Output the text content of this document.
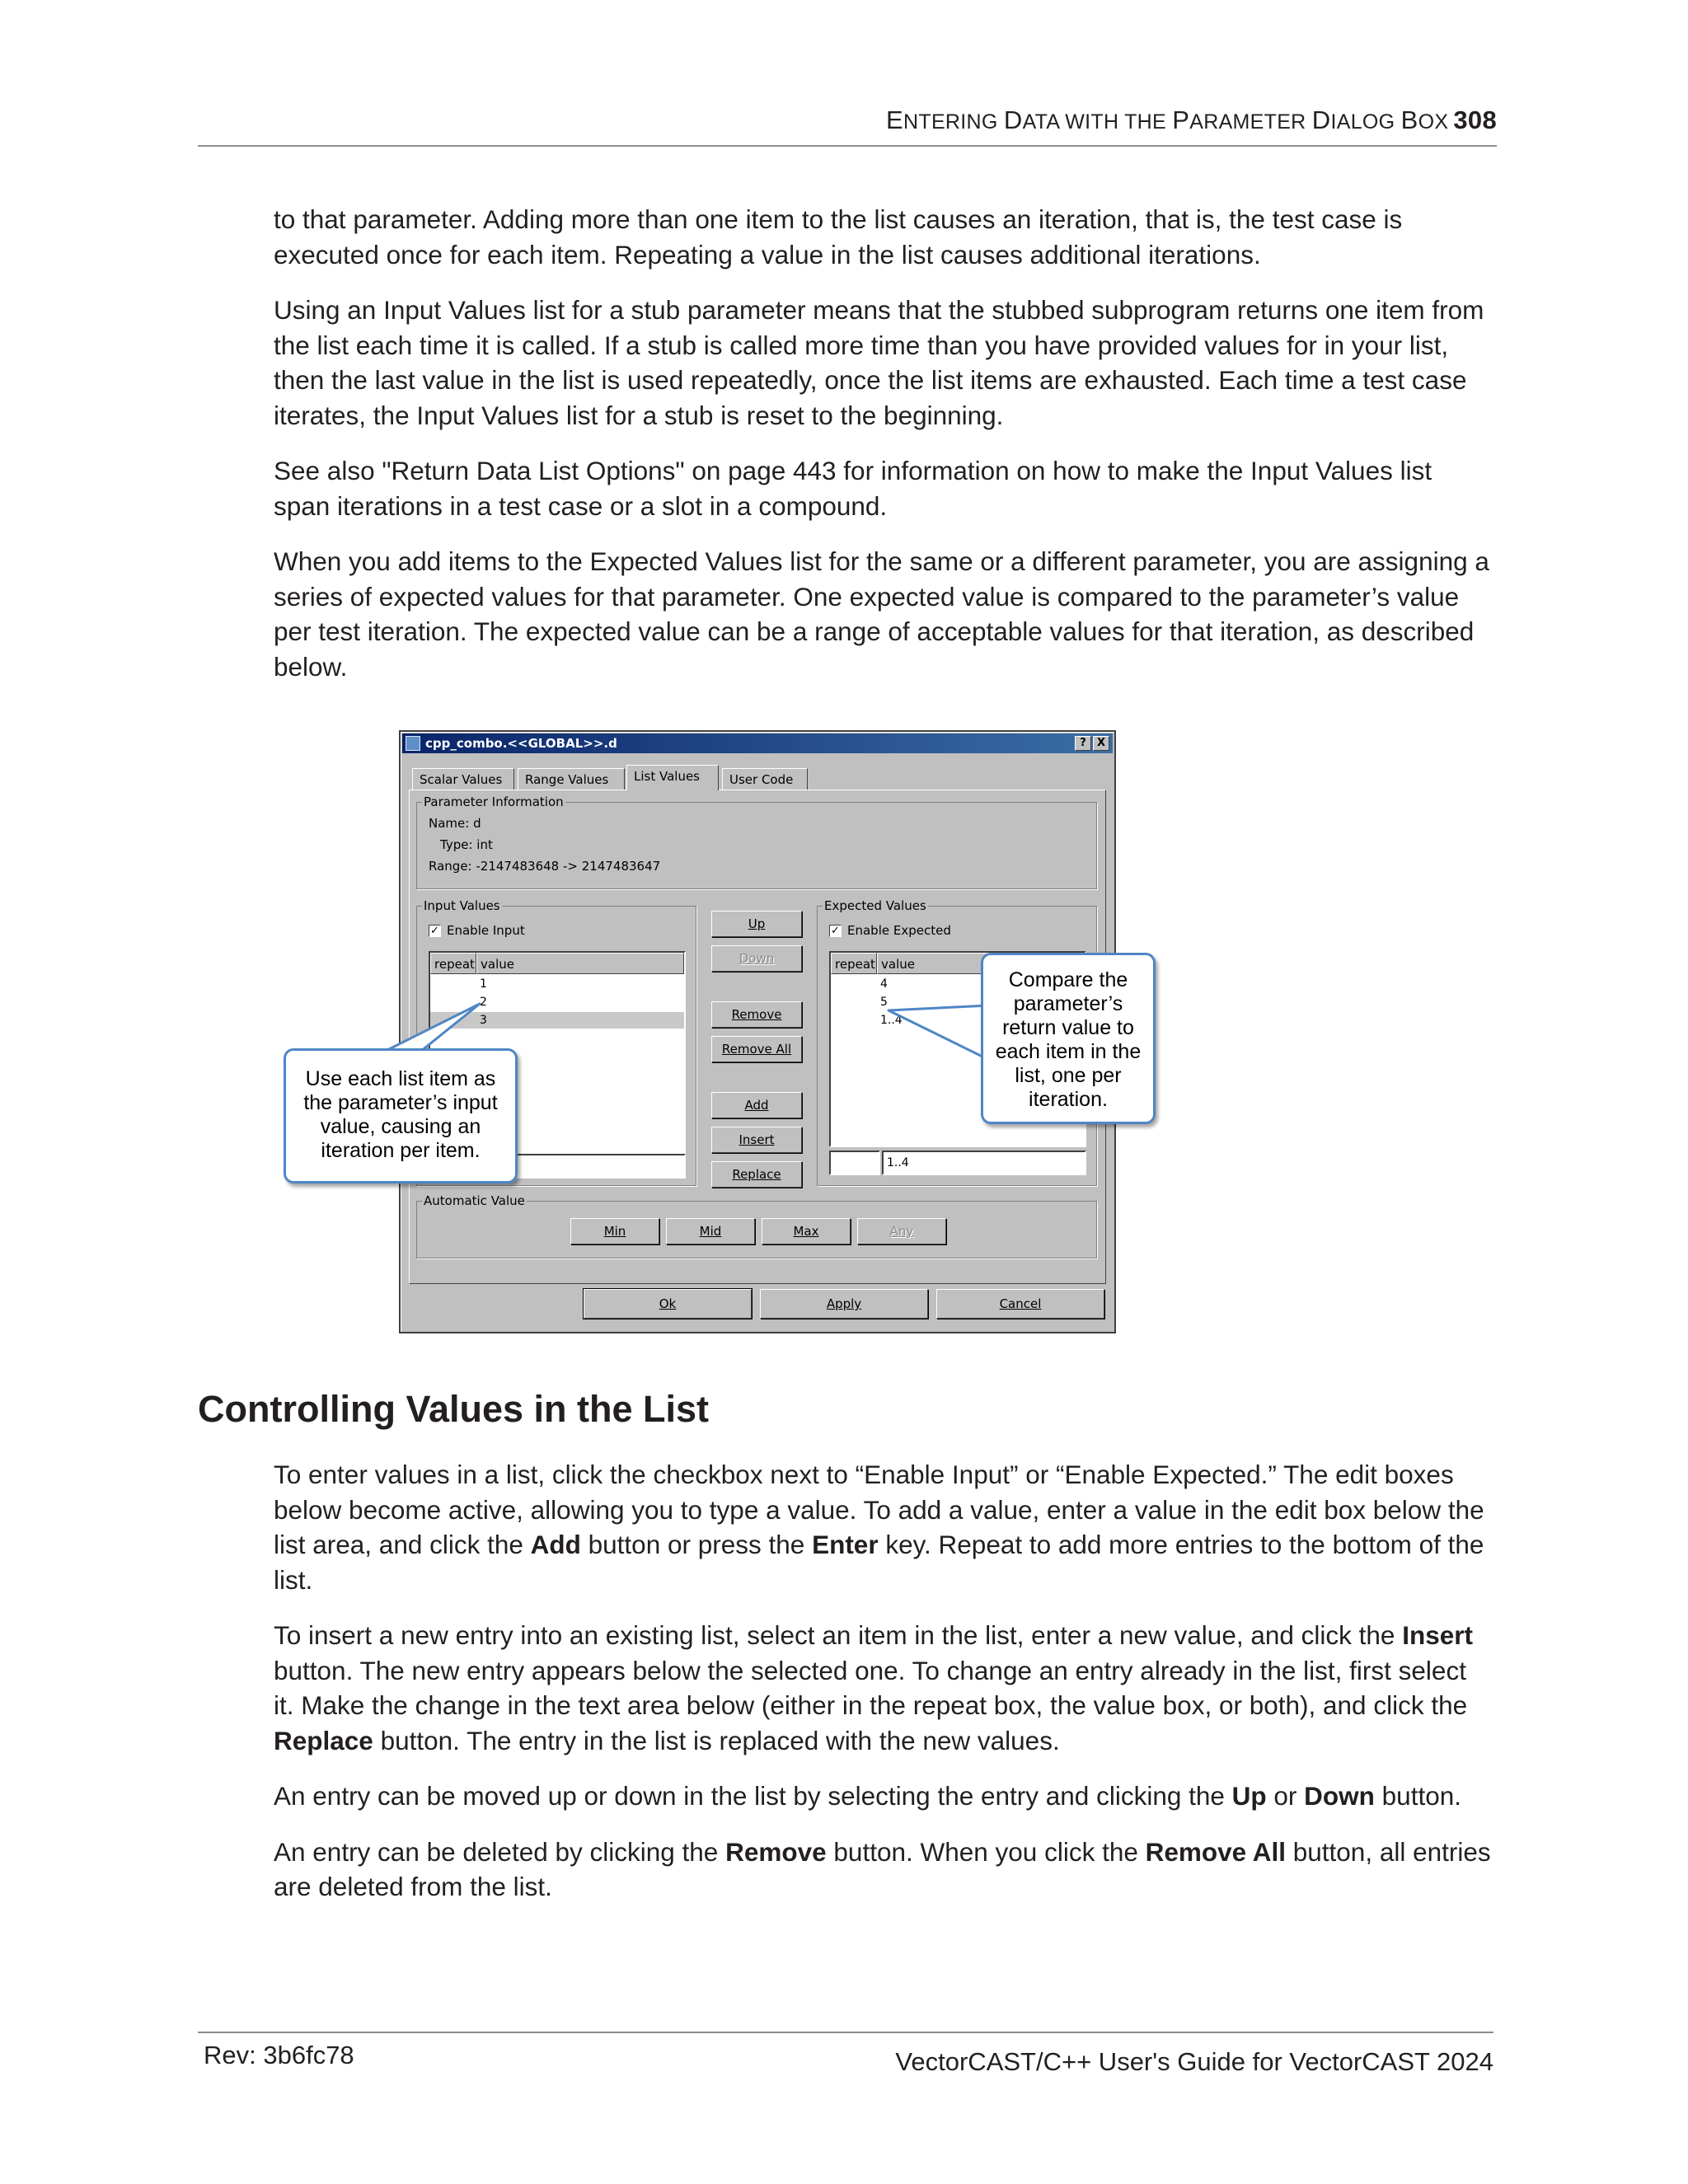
ENTERING DATA WITH THE PARAMETER DIALOG BOX 308

to that parameter. Adding more than one item to the list causes an iteration, that is, the test case is executed once for each item. Repeating a value in the list causes additional iterations.

Using an Input Values list for a stub parameter means that the stubbed subprogram returns one item from the list each time it is called. If a stub is called more time than you have provided values for in your list, then the last value in the list is used repeatedly, once the list items are exhausted. Each time a test case iterates, the Input Values list for a stub is reset to the beginning.

See also "Return Data List Options" on page 443 for information on how to make the Input Values list span iterations in a test case or a slot in a compound.

When you add items to the Expected Values list for the same or a different parameter, you are assigning a series of expected values for that parameter. One expected value is compared to the parameter’s value per test iteration. The expected value can be a range of acceptable values for that iteration, as described below.

cpp_combo.<<GLOBAL>>.d	?	X
Scalar Values	Range Values	List Values	User Code
Parameter Information
Name: d
Type: int
Range: -2147483648 -> 2147483647
Input Values
✓ Enable Input
repeat value
1
2
3
Up
Down
Remove
Remove All
Add
Insert
Replace
Expected Values
✓ Enable Expected
repeat value
4
5
1..4
1..4
Automatic Value
Min	Mid	Max	Any
Ok	Apply	Cancel
Use each list item as the parameter’s input value, causing an iteration per item.
Compare the parameter’s return value to each item in the list, one per iteration.
Controlling Values in the List

To enter values in a list, click the checkbox next to “Enable Input” or “Enable Expected.” The edit boxes below become active, allowing you to type a value. To add a value, enter a value in the edit box below the list area, and click the Add button or press the Enter key. Repeat to add more entries to the bottom of the list.

To insert a new entry into an existing list, select an item in the list, enter a new value, and click the Insert button. The new entry appears below the selected one. To change an entry already in the list, first select it. Make the change in the text area below (either in the repeat box, the value box, or both), and click the Replace button. The entry in the list is replaced with the new values.

An entry can be moved up or down in the list by selecting the entry and clicking the Up or Down button.

An entry can be deleted by clicking the Remove button. When you click the Remove All button, all entries are deleted from the list.

Rev: 3b6fc78	VectorCAST/C++ User's Guide for VectorCAST 2024
